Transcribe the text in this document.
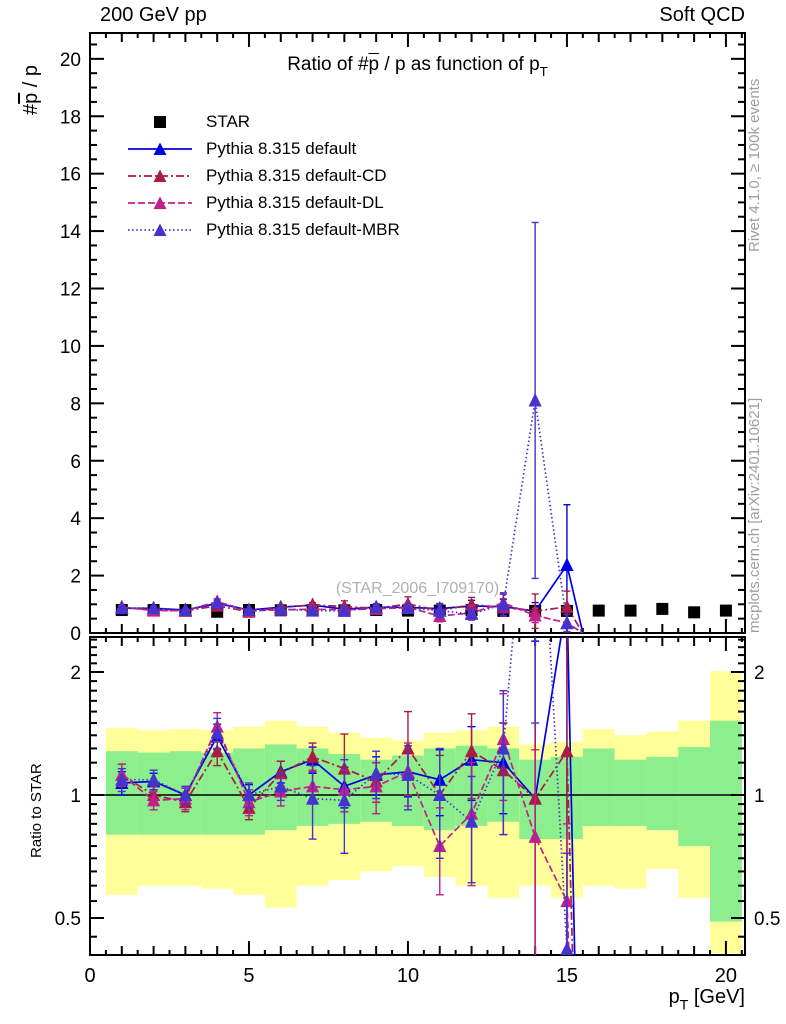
0	5	10	15	20
0
2
4
6
8
10
12
14
16
18
20
0.5	0.5
1	1
2	2
200 GeV pp	Soft QCD
Ratio of $\#\overline{p}$ / p as function of $p_T$
$\#\overline{p}$ / p	Rivet 4.1.0, ≥ 100k events
mcplots.cern.ch [arXiv:2401.10621]
Ratio to STAR
(STAR_2006_I709170)
$p_T$ [GeV]
STAR
Pythia 8.315 default
Pythia 8.315 default-CD
Pythia 8.315 default-DL
Pythia 8.315 default-MBR
